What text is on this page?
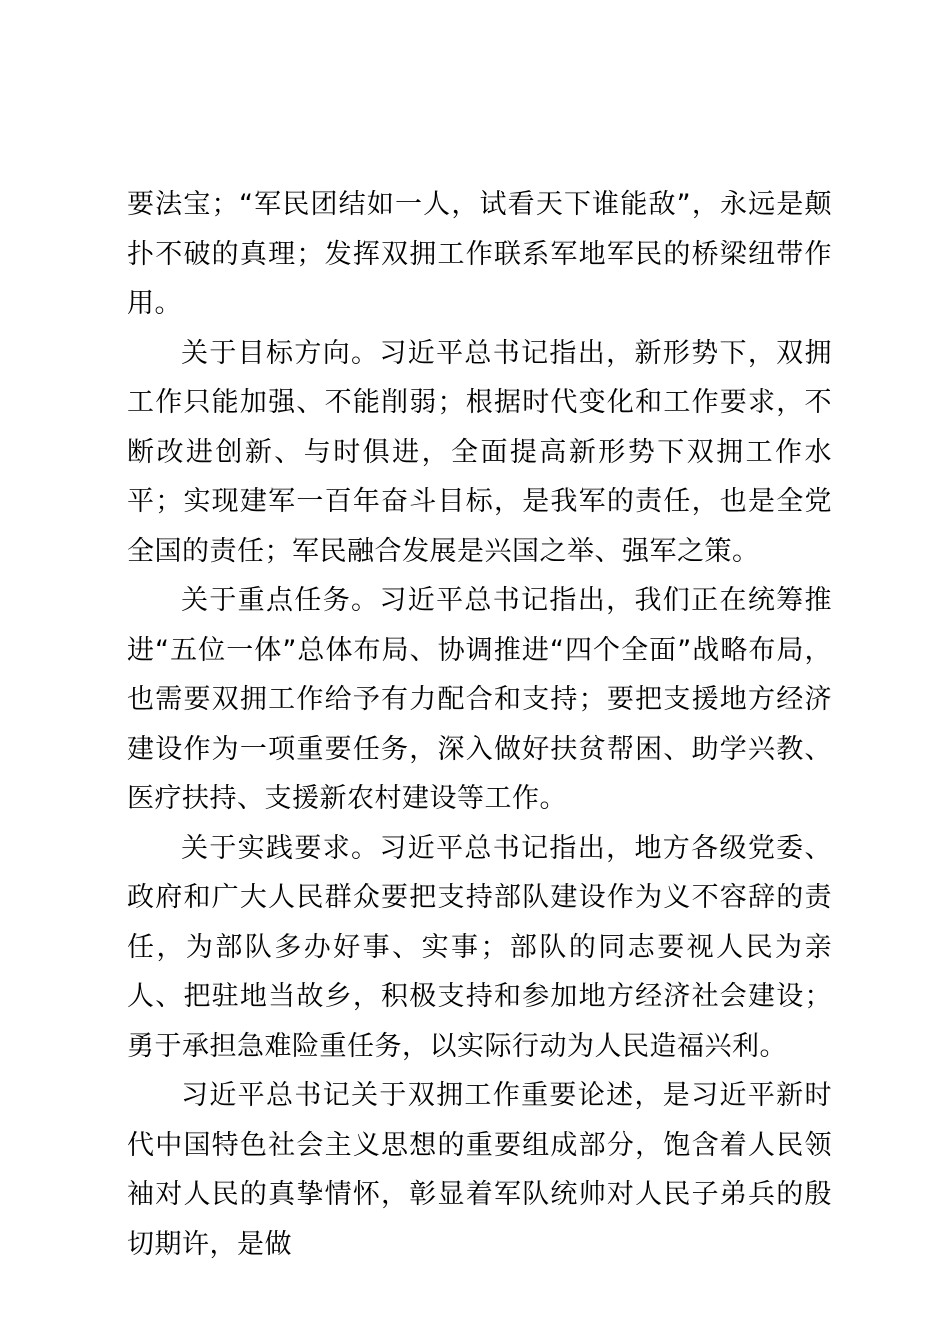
要法宝；“军民团结如一人，试看天下谁能敌”，永远是颠扑不破的真理；发挥双拥工作联系军地军民的桥梁纽带作用。

关于目标方向。习近平总书记指出，新形势下，双拥工作只能加强、不能削弱；根据时代变化和工作要求，不断改进创新、与时俱进，全面提高新形势下双拥工作水平；实现建军一百年奋斗目标，是我军的责任，也是全党全国的责任；军民融合发展是兴国之举、强军之策。

关于重点任务。习近平总书记指出，我们正在统筹推进“五位一体”总体布局、协调推进“四个全面”战略布局，也需要双拥工作给予有力配合和支持；要把支援地方经济建设作为一项重要任务，深入做好扶贫帮困、助学兴教、医疗扶持、支援新农村建设等工作。

关于实践要求。习近平总书记指出，地方各级党委、政府和广大人民群众要把支持部队建设作为义不容辞的责任，为部队多办好事、实事；部队的同志要视人民为亲人、把驻地当故乡，积极支持和参加地方经济社会建设；勇于承担急难险重任务，以实际行动为人民造福兴利。

习近平总书记关于双拥工作重要论述，是习近平新时代中国特色社会主义思想的重要组成部分，饱含着人民领袖对人民的真挚情怀，彰显着军队统帅对人民子弟兵的殷切期许，是做
